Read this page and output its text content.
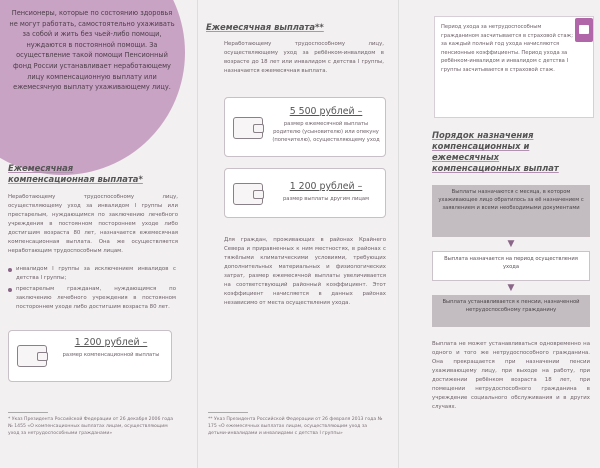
Пенсионеры, которые по состоянию здоровья не могут работать, самостоятельно ухаживать за собой и жить без чьей-либо помощи, нуждаются в постоянной помощи. За осуществление такой помощи Пенсионный фонд России устанавливает неработающему лицу компенсационную выплату или ежемесячную выплату ухаживающему лицу.
Ежемесячная
компенсационная выплата*
Неработающему трудоспособному лицу, осуществляющему уход за инвалидом I группы или престарелым, нуждающимся по заключению лечебного учреждения в постоянном постороннем уходе либо достигшим возраста 80 лет, назначается ежемесячная компенсационная выплата. Она же осуществляется неработающим трудоспособным лицам.
инвалидом I группы за исключением инвалидов с детства I группы;
престарелым гражданам, нуждающимся по заключению лечебного учреждения в постоянном постороннем уходе либо достигшим возраста 80 лет.
1 200 рублей –
размер компенсационной выплаты
* Указ Президента Российской Федерации от 26 декабря 2006 года № 1455 «О компенсационных выплатах лицам, осуществляющим уход за нетрудоспособными гражданами»
Ежемесячная выплата**
Неработающему трудоспособному лицу, осуществляющему уход за ребёнком-инвалидом в возрасте до 18 лет или инвалидом с детства I группы, назначается ежемесячная выплата.
5 500 рублей –
размер ежемесячной выплаты родителю (усыновителю) или опекуну (попечителю), осуществляющему уход
1 200 рублей –
размер выплаты другим лицам
Для граждан, проживающих в районах Крайнего Севера и приравненных к ним местностях, в районах с тяжёлыми климатическими условиями, требующих дополнительных материальных и физиологических затрат, размер ежемесячной выплаты увеличивается на соответствующий районный коэффициент. Этот коэффициент начисляется в данных районах независимо от места осуществления ухода.
** Указ Президента Российской Федерации от 26 февраля 2013 года № 175 «О ежемесячных выплатах лицам, осуществляющим уход за детьми-инвалидами и инвалидами с детства I группы»
Период ухода за нетрудоспособным гражданином засчитывается в страховой стаж; за каждый полный год ухода начисляются пенсионные коэффициенты. Период ухода за ребёнком-инвалидом и инвалидом с детства I группы засчитывается в страховой стаж.
Порядок назначения
компенсационных и ежемесячных
компенсационных выплат
Выплаты назначаются с месяца, в котором ухаживающее лицо обратилось за её назначением с заявлением и всеми необходимыми документами
▼
Выплата назначается на период осуществления ухода
▼
Выплата устанавливается к пенсии, назначенной нетрудоспособному гражданину
Выплата не может устанавливаться одновременно на одного и того же нетрудоспособного гражданина. Она прекращается при назначении пенсии ухаживающему лицу, при выходе на работу, при достижении ребёнком возраста 18 лет, при помещении нетрудоспособного гражданина в учреждение социального обслуживания и в других случаях.
